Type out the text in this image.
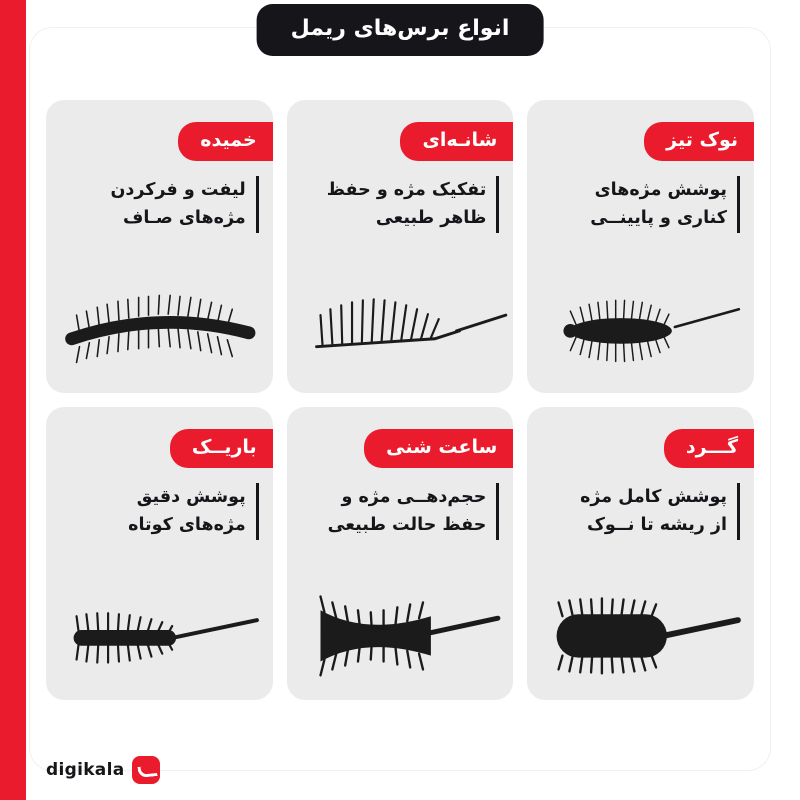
انواع برس‌های ریمل
نوک تیز
پوشش مژه‌های
کناری و پایینــی
شانـه‌ای
تفکیک مژه و حفظ
ظاهر طبیعی
خمیده
لیفت و فرکردن
مژه‌های صـاف
گـــرد
پوشش کامل مژه
از ریشه تا نــوک
ساعت شنی
حجم‌دهــی مژه و
حفظ حالت طبیعی
باریــک
پوشش دقیق
مژه‌های کوتاه
digikala
